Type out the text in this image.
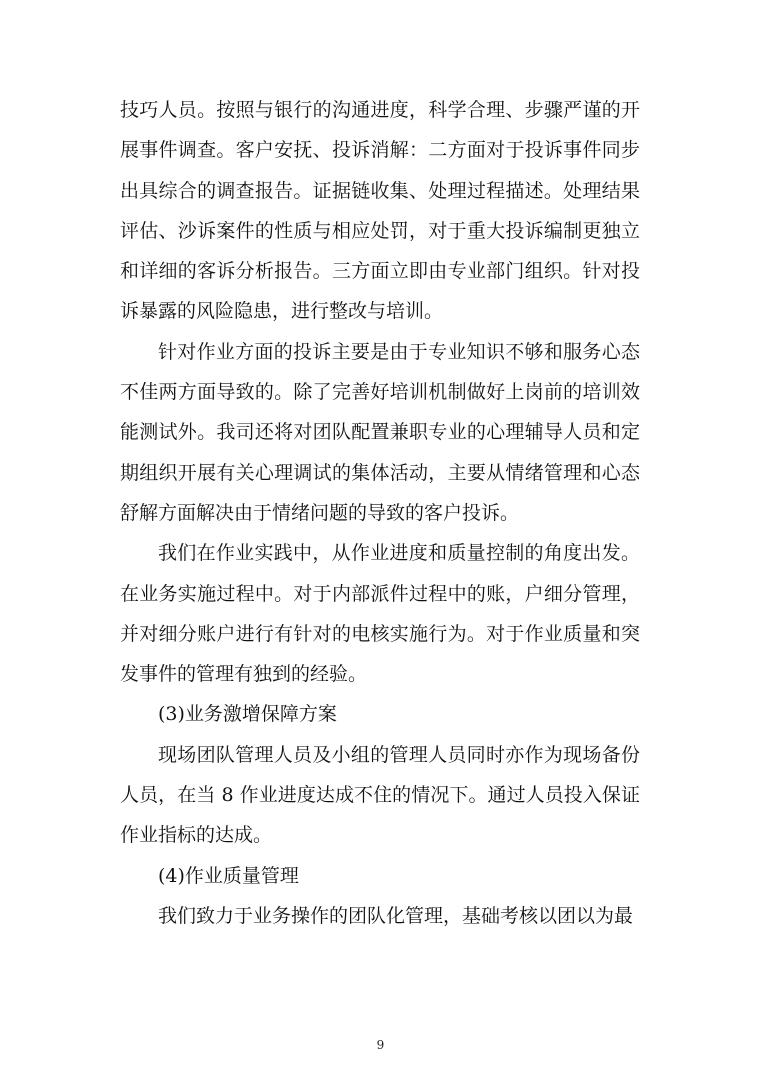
技巧人员。按照与银行的沟通进度，科学合理、步骤严谨的开展事件调查。客户安抚、投诉消解：二方面对于投诉事件同步出具综合的调查报告。证据链收集、处理过程描述。处理结果评估、沙诉案件的性质与相应处罚，对于重大投诉编制更独立和详细的客诉分析报告。三方面立即由专业部门组织。针对投诉暴露的风险隐患，进行整改与培训。

针对作业方面的投诉主要是由于专业知识不够和服务心态不佳两方面导致的。除了完善好培训机制做好上岗前的培训效能测试外。我司还将对团队配置兼职专业的心理辅导人员和定期组织开展有关心理调试的集体活动，主要从情绪管理和心态舒解方面解决由于情绪问题的导致的客户投诉。

我们在作业实践中，从作业进度和质量控制的角度出发。在业务实施过程中。对于内部派件过程中的账，户细分管理，并对细分账户进行有针对的电核实施行为。对于作业质量和突发事件的管理有独到的经验。

(3)业务激增保障方案

现场团队管理人员及小组的管理人员同时亦作为现场备份人员，在当 8 作业进度达成不住的情况下。通过人员投入保证作业指标的达成。

(4)作业质量管理

我们致力于业务操作的团队化管理，基础考核以团以为最

9
